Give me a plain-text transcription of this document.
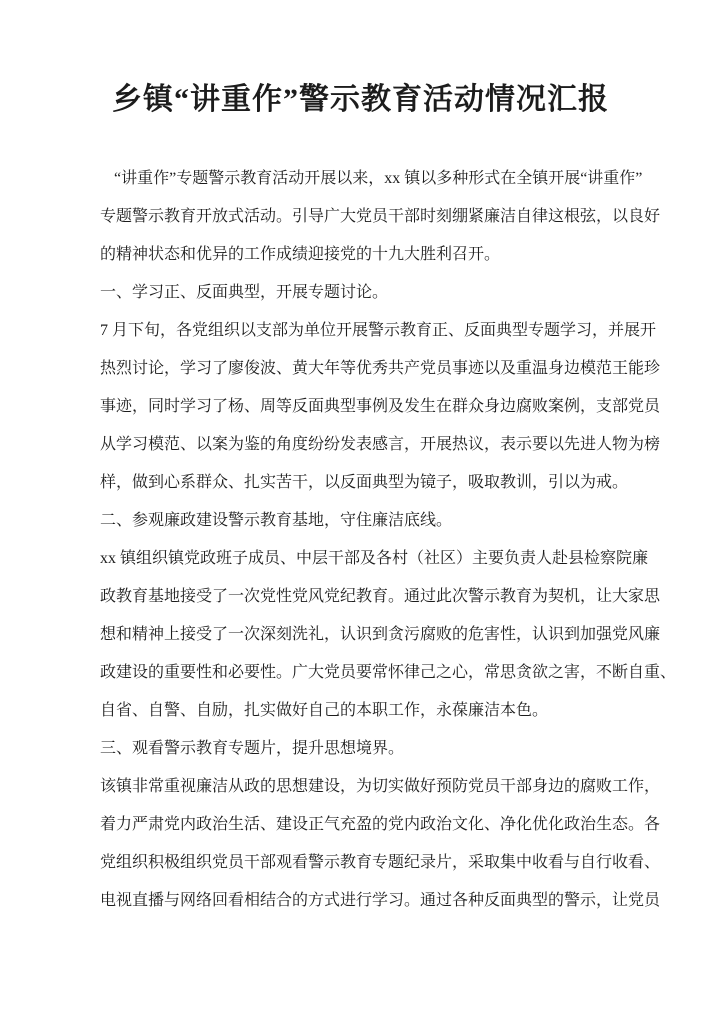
乡镇“讲重作”警示教育活动情况汇报
“讲重作”专题警示教育活动开展以来，xx 镇以多种形式在全镇开展“讲重作”
专题警示教育开放式活动。引导广大党员干部时刻绷紧廉洁自律这根弦，以良好
的精神状态和优异的工作成绩迎接党的十九大胜利召开。
一、学习正、反面典型，开展专题讨论。
7 月下旬，各党组织以支部为单位开展警示教育正、反面典型专题学习，并展开
热烈讨论，学习了廖俊波、黄大年等优秀共产党员事迹以及重温身边模范王能珍
事迹，同时学习了杨、周等反面典型事例及发生在群众身边腐败案例，支部党员
从学习模范、以案为鉴的角度纷纷发表感言，开展热议，表示要以先进人物为榜
样，做到心系群众、扎实苦干，以反面典型为镜子，吸取教训，引以为戒。
二、参观廉政建设警示教育基地，守住廉洁底线。
xx 镇组织镇党政班子成员、中层干部及各村（社区）主要负责人赴县检察院廉
政教育基地接受了一次党性党风党纪教育。通过此次警示教育为契机，让大家思
想和精神上接受了一次深刻洗礼，认识到贪污腐败的危害性，认识到加强党风廉
政建设的重要性和必要性。广大党员要常怀律己之心，常思贪欲之害，不断自重、
自省、自警、自励，扎实做好自己的本职工作，永葆廉洁本色。
三、观看警示教育专题片，提升思想境界。
该镇非常重视廉洁从政的思想建设，为切实做好预防党员干部身边的腐败工作，
着力严肃党内政治生活、建设正气充盈的党内政治文化、净化优化政治生态。各
党组织积极组织党员干部观看警示教育专题纪录片，采取集中收看与自行收看、
电视直播与网络回看相结合的方式进行学习。通过各种反面典型的警示，让党员
